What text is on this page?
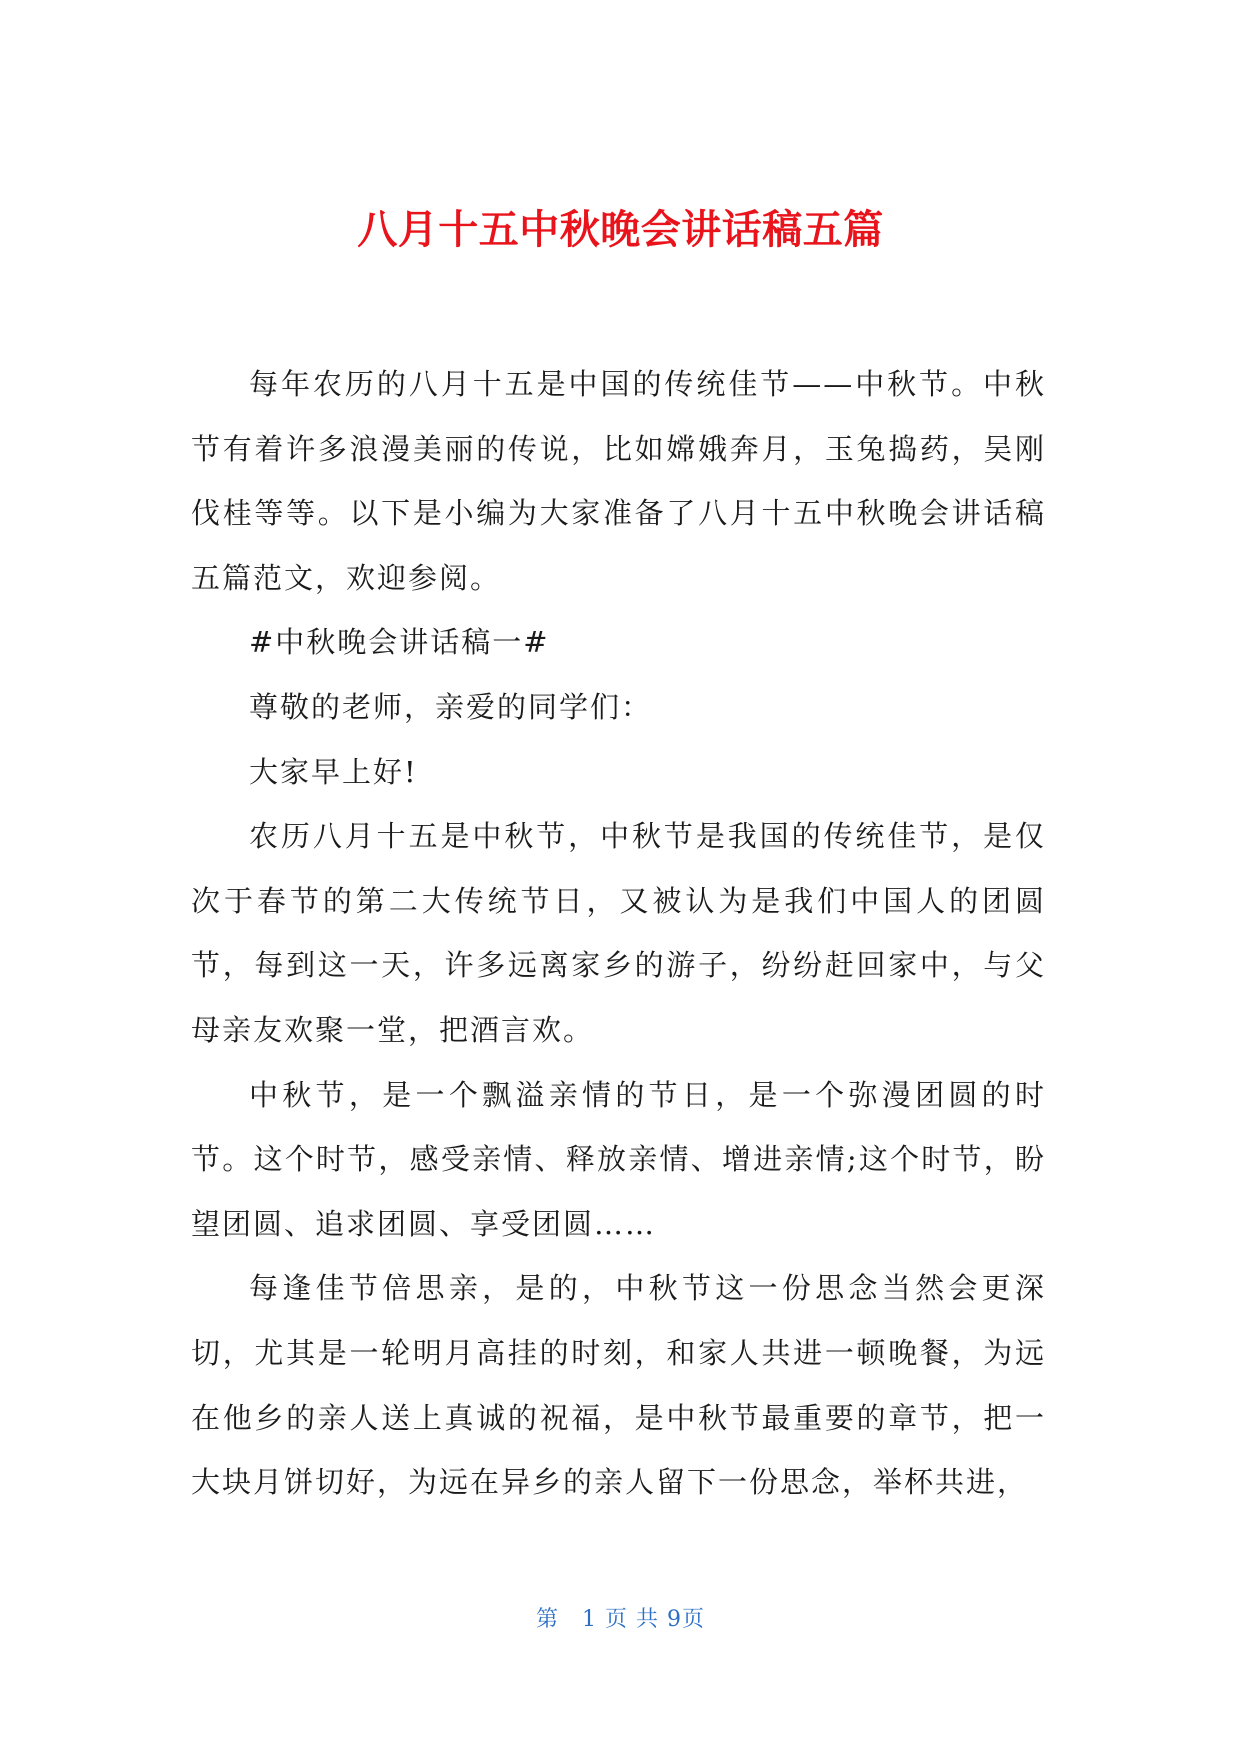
八月十五中秋晚会讲话稿五篇

每年农历的八月十五是中国的传统佳节——中秋节。中秋节有着许多浪漫美丽的传说，比如嫦娥奔月，玉兔捣药，吴刚伐桂等等。以下是小编为大家准备了八月十五中秋晚会讲话稿五篇范文，欢迎参阅。

#中秋晚会讲话稿一#

尊敬的老师，亲爱的同学们：

大家早上好!

农历八月十五是中秋节，中秋节是我国的传统佳节，是仅次于春节的第二大传统节日，又被认为是我们中国人的团圆节，每到这一天，许多远离家乡的游子，纷纷赶回家中，与父母亲友欢聚一堂，把酒言欢。

中秋节，是一个飘溢亲情的节日，是一个弥漫团圆的时节。这个时节，感受亲情、释放亲情、增进亲情;这个时节，盼望团圆、追求团圆、享受团圆……

每逢佳节倍思亲，是的，中秋节这一份思念当然会更深切，尤其是一轮明月高挂的时刻，和家人共进一顿晚餐，为远在他乡的亲人送上真诚的祝福，是中秋节最重要的章节，把一大块月饼切好，为远在异乡的亲人留下一份思念，举杯共进，

第　1 页 共 9页
